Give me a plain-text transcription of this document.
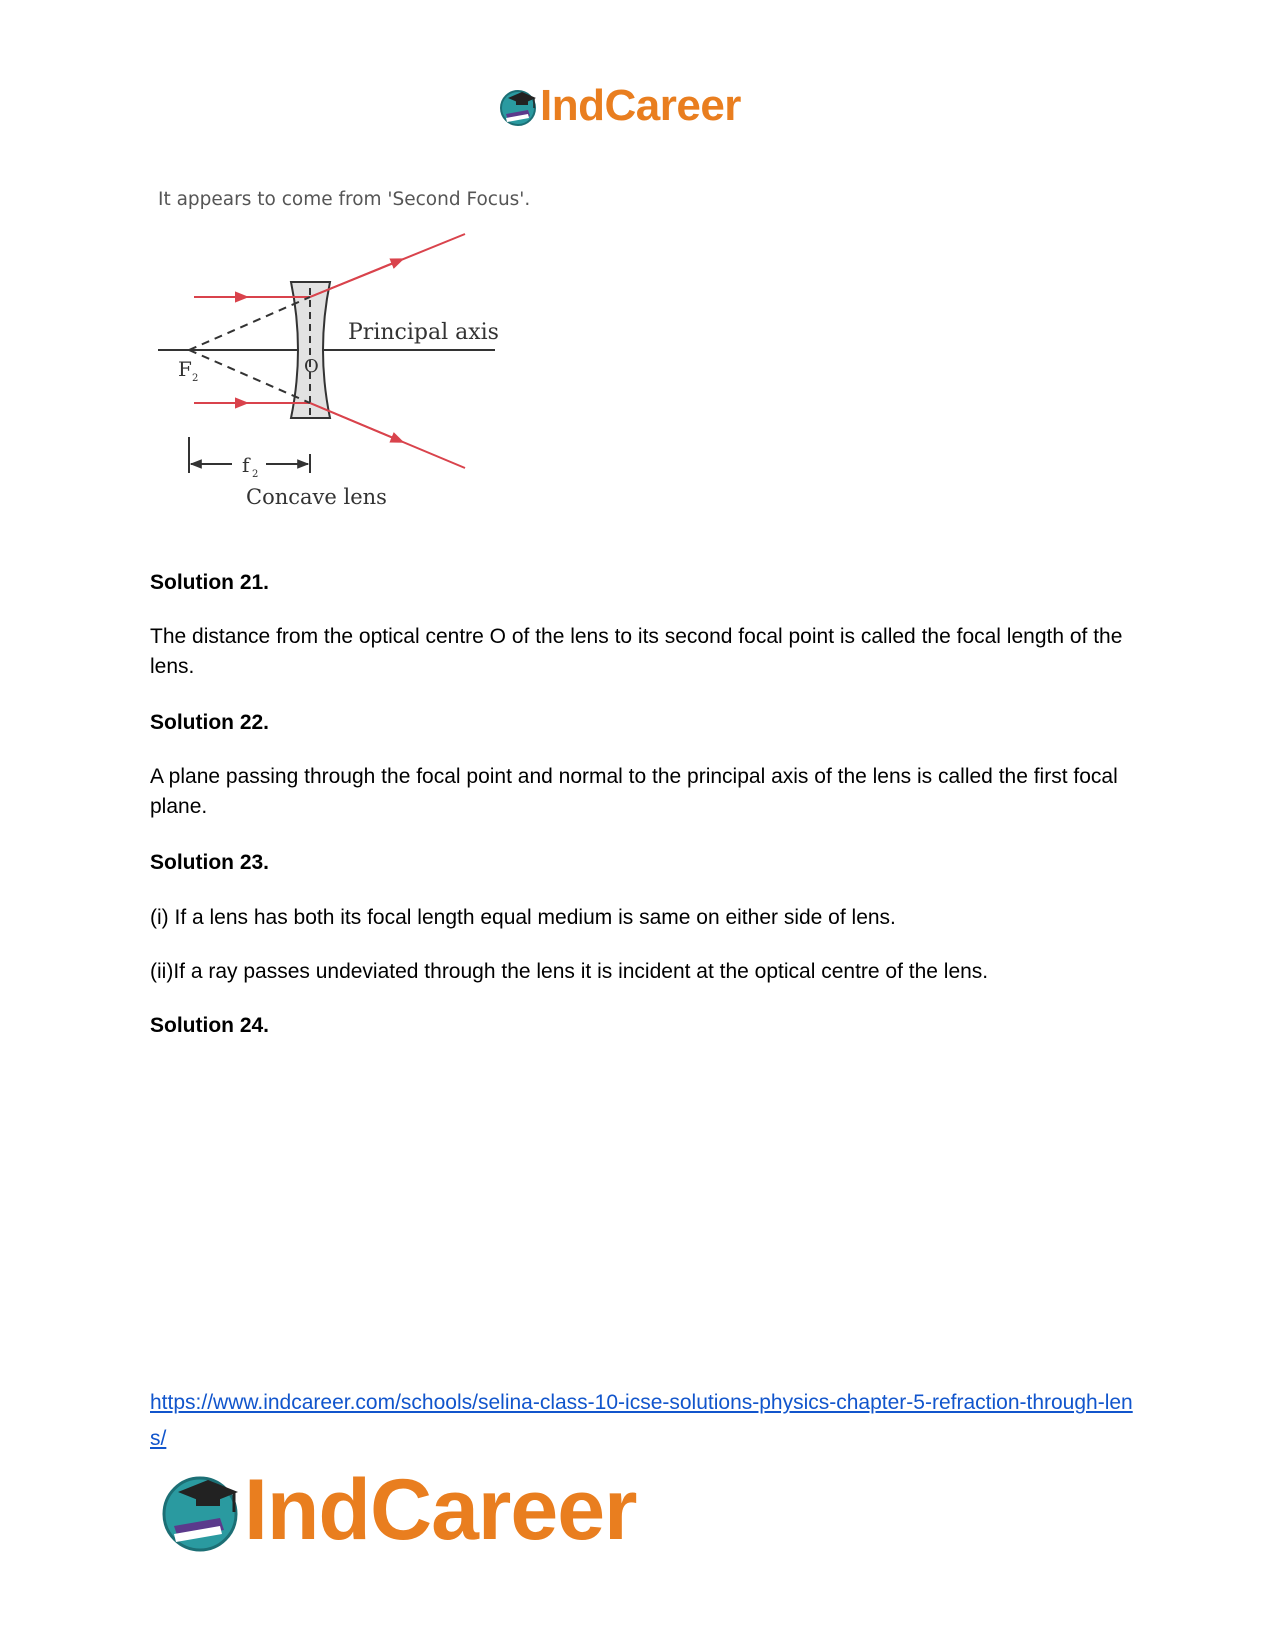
IndCareer
It appears to come from 'Second Focus'.
Principal axis
F 2
O
f 2
Concave lens

Solution 21.

The distance from the optical centre O of the lens to its second focal point is called the focal length of the lens.

Solution 22.

A plane passing through the focal point and normal to the principal axis of the lens is called the first focal plane.

Solution 23.

(i) If a lens has both its focal length equal medium is same on either side of lens.

(ii)If a ray passes undeviated through the lens it is incident at the optical centre of the lens.

Solution 24.

https://www.indcareer.com/schools/selina-class-10-icse-solutions-physics-chapter-5-refraction-through-lens/
IndCareer
